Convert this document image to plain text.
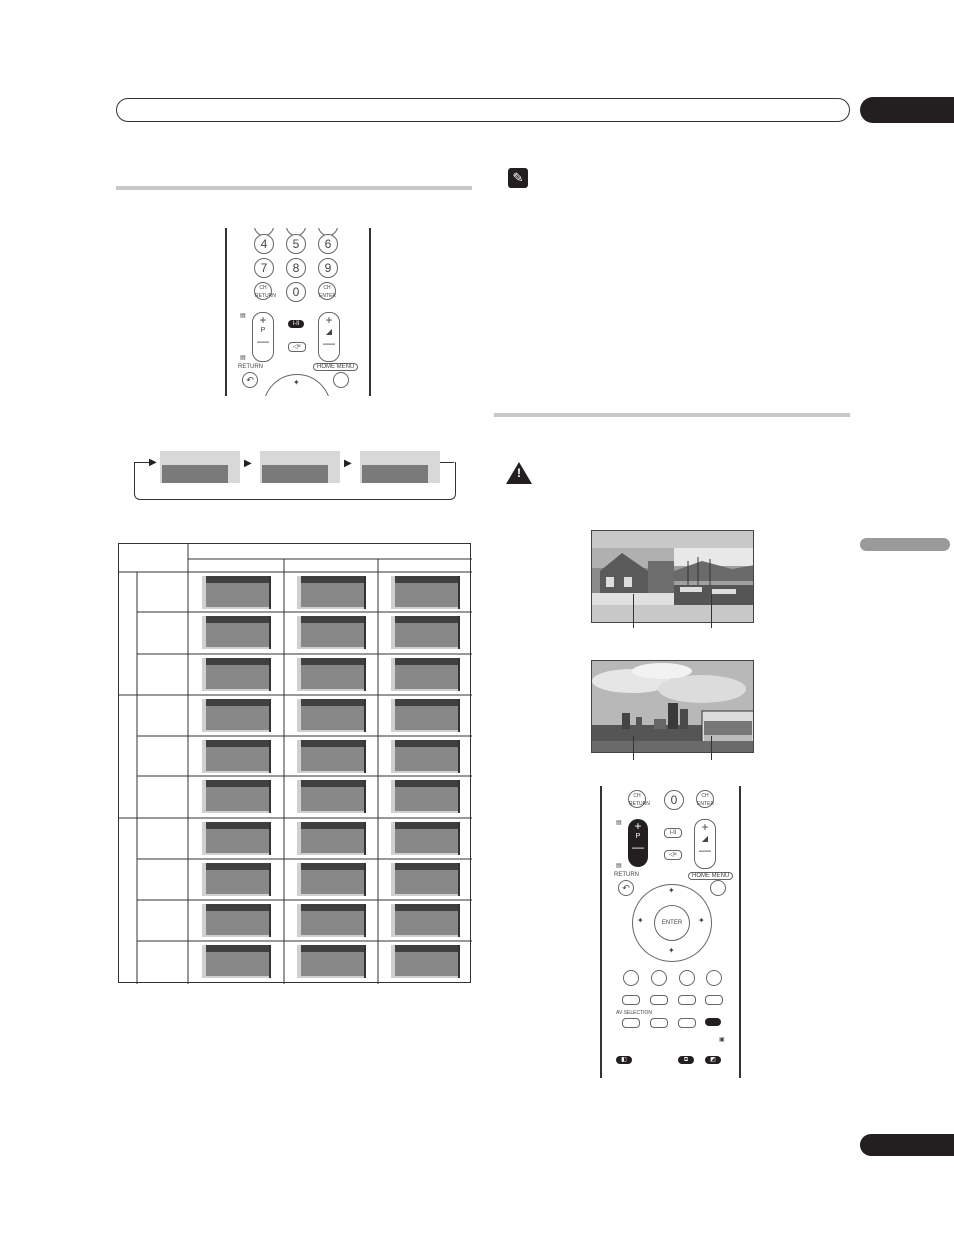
✎
!
4	5	6
7	8	9
CH
RETURN	0	CH
ENTER
+
P
—
I-II
◁×
+
◢
—
▤
▤
RETURN
↶
HOME MENU
✦
▶	▶
▶
CH
RETURN	0	CH
ENTER
▤	+
P
—
I-II
◁×
+
◢
—
▤
RETURN
↶
HOME MENU
ENTER
✦
✦
✦	✦
AV SELECTION
▣
◧	⧉	◩
